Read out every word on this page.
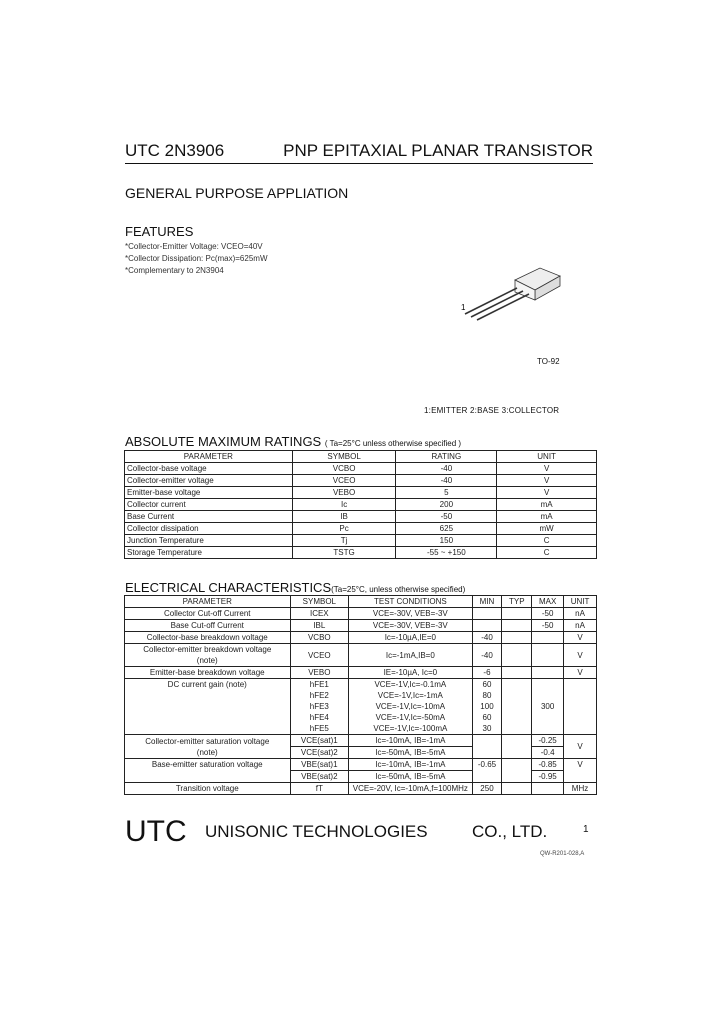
UTC 2N3906	PNP EPITAXIAL PLANAR TRANSISTOR
GENERAL PURPOSE APPLIATION
FEATURES
*Collector-Emitter Voltage: VCEO=40V
*Collector Dissipation: Pc(max)=625mW
*Complementary to 2N3904
1
TO-92
1:EMITTER 2:BASE 3:COLLECTOR
ABSOLUTE MAXIMUM RATINGS ( Ta=25°C unless otherwise specified )
PARAMETER	SYMBOL	RATING	UNIT
Collector-base voltage	VCBO	-40	V
Collector-emitter voltage	VCEO	-40	V
Emitter-base voltage	VEBO	5	V
Collector current	Ic	200	mA
Base Current	IB	-50	mA
Collector dissipation	Pc	625	mW
Junction Temperature	Tj	150	C
Storage Temperature	TSTG	-55 ~ +150	C
ELECTRICAL CHARACTERISTICS(Ta=25°C, unless otherwise specified)
PARAMETER	SYMBOL	TEST CONDITIONS	MIN	TYP	MAX	UNIT
Collector Cut-off Current	ICEX	VCE=-30V, VEB=-3V			-50	nA
Base Cut-off Current	IBL	VCE=-30V, VEB=-3V			-50	nA
Collector-base breakdown voltage	VCBO	Ic=-10µA,IE=0	-40			V

Collector-emitter breakdown voltage
(note)	VCEO	Ic=-1mA,IB=0	-40			V
Emitter-base breakdown voltage	VEBO	IE=-10µA, Ic=0	-6			V
DC current gain (note)	hFE1	VCE=-1V,Ic=-0.1mA	60		300	
	hFE2	VCE=-1V,Ic=-1mA	80			
	hFE3	VCE=-1V,Ic=-10mA	100			
	hFE4	VCE=-1V,Ic=-50mA	60			
	hFE5	VCE=-1V,Ic=-100mA	30			

Collector-emitter saturation voltage
(note)	VCE(sat)1	Ic=-10mA, IB=-1mA			-0.25	V
	VCE(sat)2	Ic=-50mA, IB=-5mA			-0.4	
Base-emitter saturation voltage	VBE(sat)1	Ic=-10mA, IB=-1mA	-0.65		-0.85	V
	VBE(sat)2	Ic=-50mA, IB=-5mA			-0.95	
Transition voltage	fT	VCE=-20V, Ic=-10mA,f=100MHz	250			MHz
UTC UNISONIC TECHNOLOGIES	CO., LTD.	1
QW-R201-028,A
